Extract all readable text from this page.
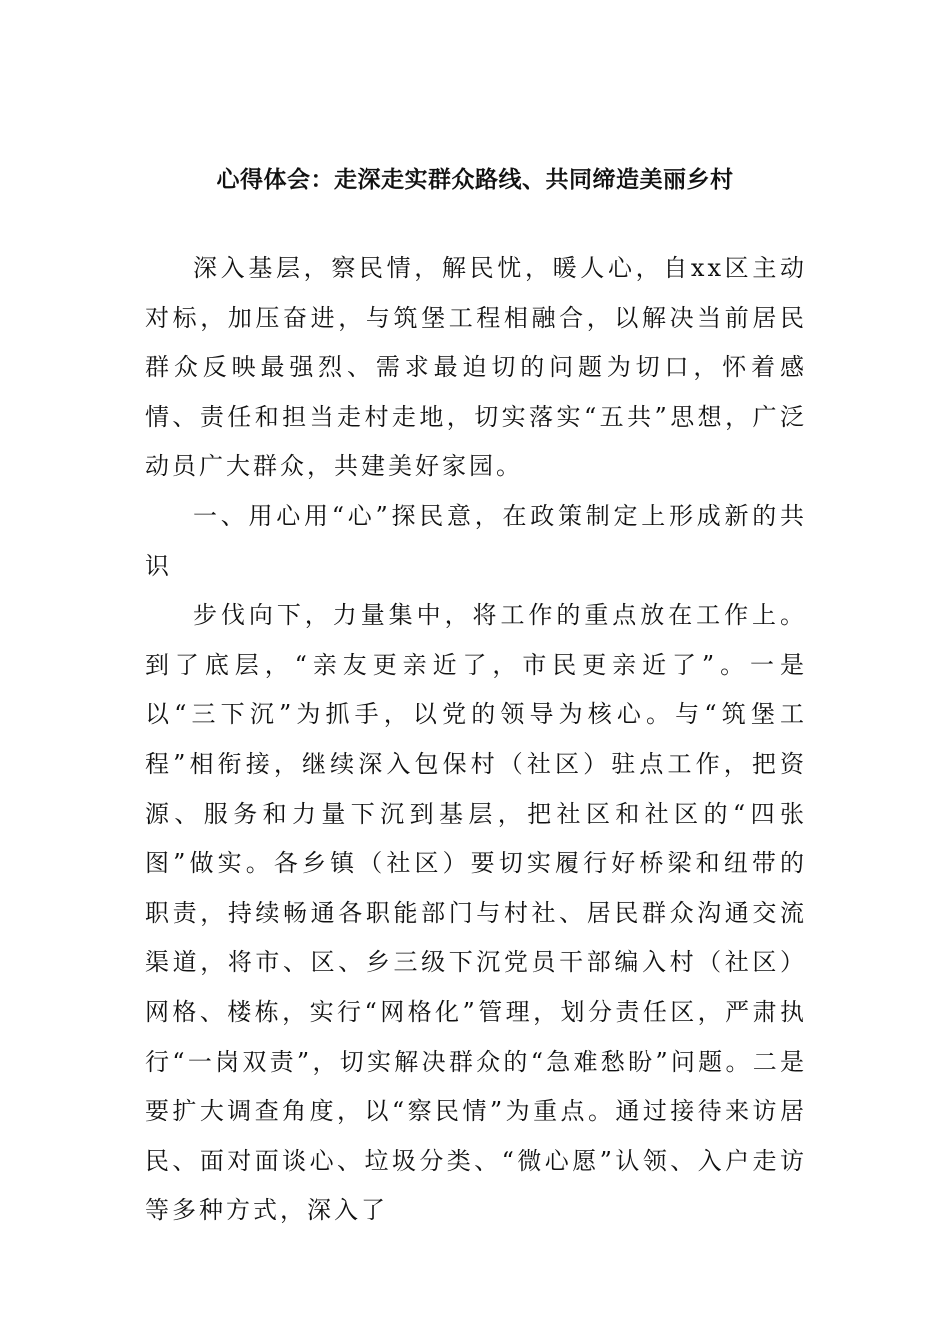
心得体会：走深走实群众路线、共同缔造美丽乡村

深入基层，察民情，解民忧，暖人心，自xx区主动对标，加压奋进，与筑堡工程相融合，以解决当前居民群众反映最强烈、需求最迫切的问题为切口，怀着感情、责任和担当走村走地，切实落实“五共”思想，广泛动员广大群众，共建美好家园。

一、用心用“心”探民意，在政策制定上形成新的共识

步伐向下，力量集中，将工作的重点放在工作上。到了底层，“亲友更亲近了，市民更亲近了”。一是以“三下沉”为抓手，以党的领导为核心。与“筑堡工程”相衔接，继续深入包保村（社区）驻点工作，把资源、服务和力量下沉到基层，把社区和社区的“四张图”做实。各乡镇（社区）要切实履行好桥梁和纽带的职责，持续畅通各职能部门与村社、居民群众沟通交流渠道，将市、区、乡三级下沉党员干部编入村（社区）网格、楼栋，实行“网格化”管理，划分责任区，严肃执行“一岗双责”，切实解决群众的“急难愁盼”问题。二是要扩大调查角度，以“察民情”为重点。通过接待来访居民、面对面谈心、垃圾分类、“微心愿”认领、入户走访等多种方式，深入了
